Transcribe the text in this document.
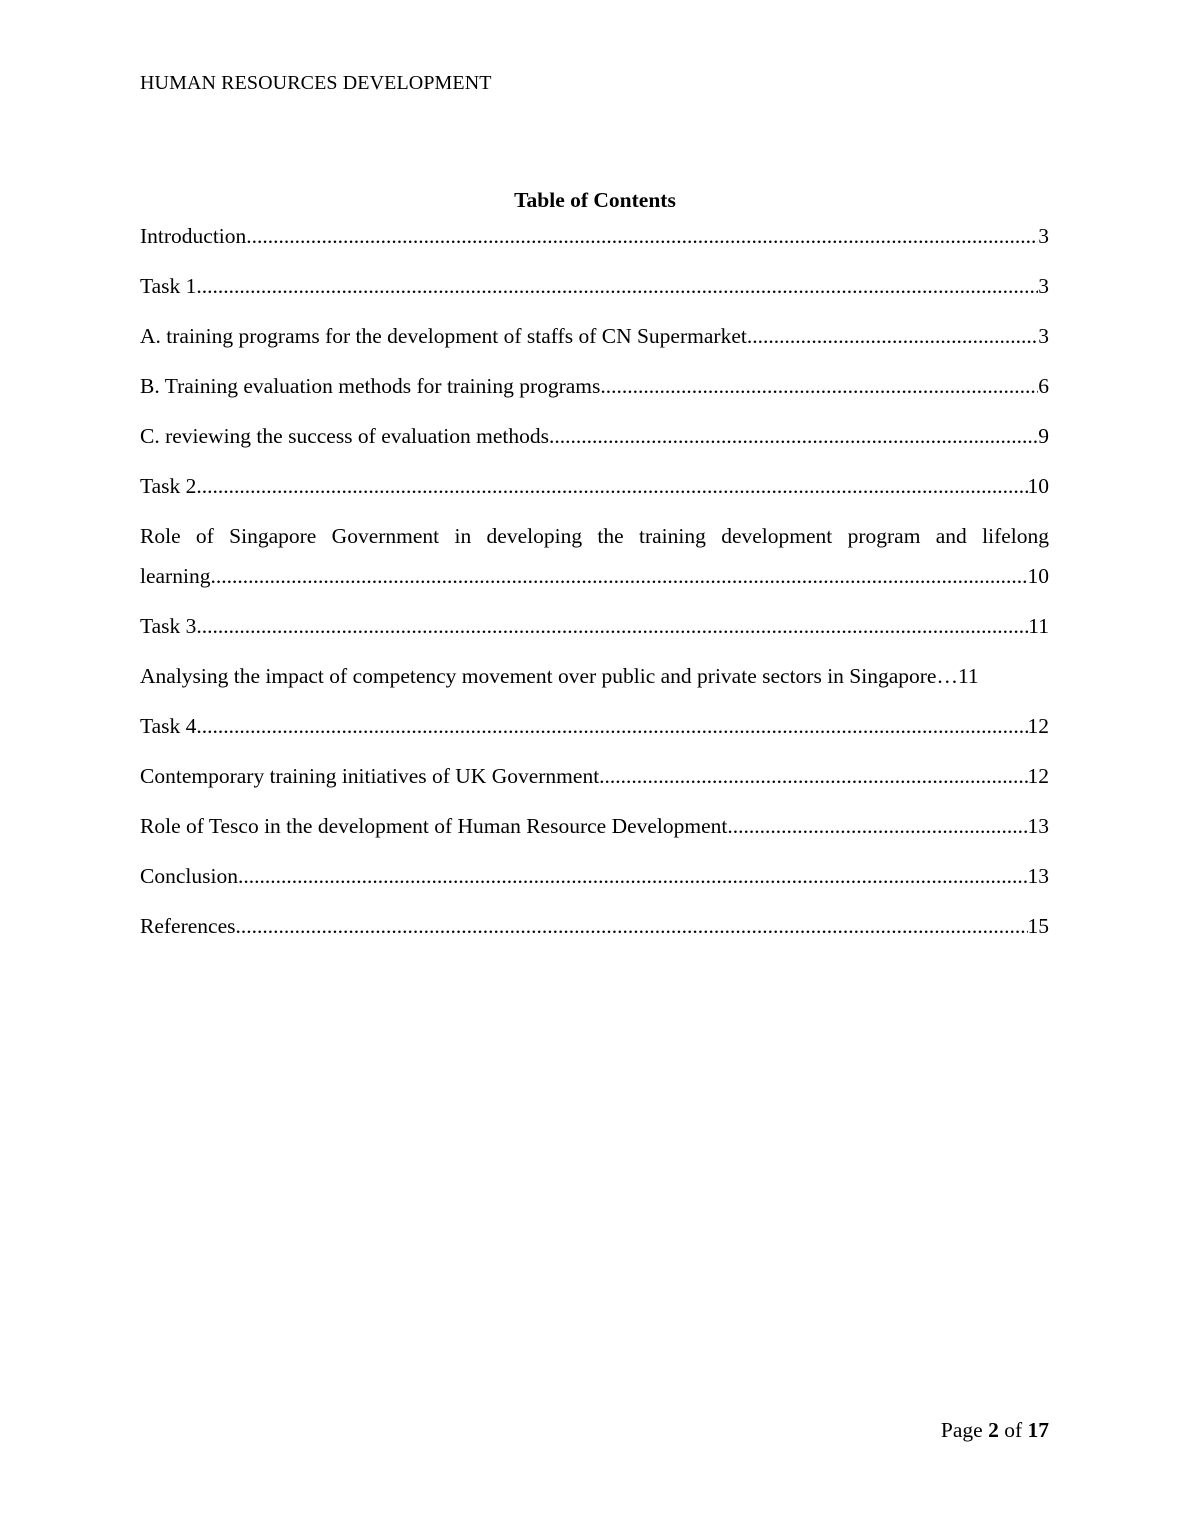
HUMAN RESOURCES DEVELOPMENT
Table of Contents
Introduction .....	3
Task 1 .....	3
A. training programs for the development of staffs of CN Supermarket .....	3
B. Training evaluation methods for training programs .....	6
C. reviewing the success of evaluation methods .....	9
Task 2 .....	10
Role of Singapore Government in developing the training development program and lifelong
learning .....	10
Task 3 .....	11
Analysing the impact of competency movement over public and private sectors in Singapore … 11
Task 4 .....	12
Contemporary training initiatives of UK Government .....	12
Role of Tesco in the development of Human Resource Development .....	13
Conclusion .....	13
References .....	15
Page 2 of 17
